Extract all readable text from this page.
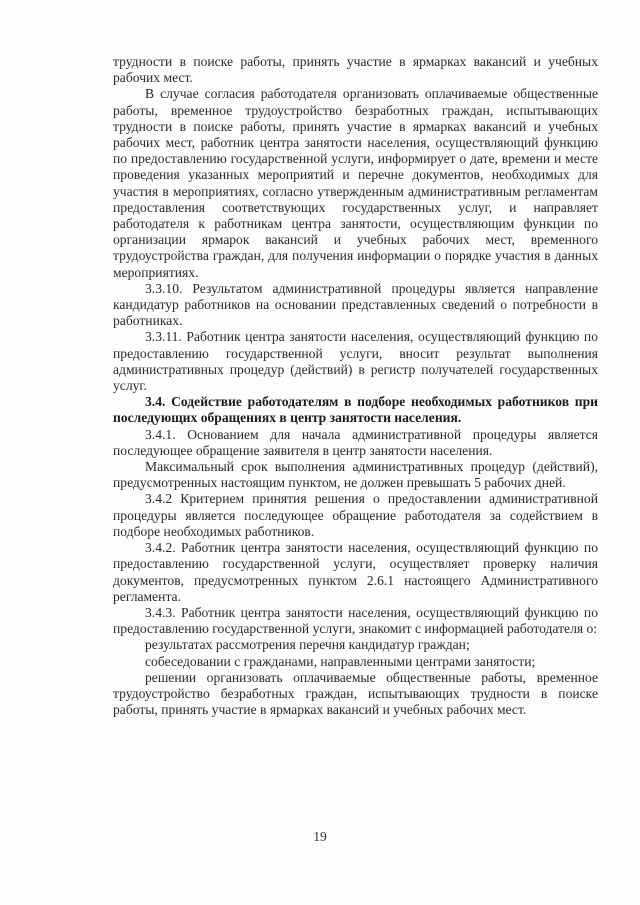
трудности в поиске работы, принять участие в ярмарках вакансий и учебных рабочих мест.

В случае согласия работодателя организовать оплачиваемые общественные работы, временное трудоустройство безработных граждан, испытывающих трудности в поиске работы, принять участие в ярмарках вакансий и учебных рабочих мест, работник центра занятости населения, осуществляющий функцию по предоставлению государственной услуги, информирует о дате, времени и месте проведения указанных мероприятий и перечне документов, необходимых для участия в мероприятиях, согласно утвержденным административным регламентам предоставления соответствующих государственных услуг, и направляет работодателя к работникам центра занятости, осуществляющим функции по организации ярмарок вакансий и учебных рабочих мест, временного трудоустройства граждан, для получения информации о порядке участия в данных мероприятиях.

3.3.10. Результатом административной процедуры является направление кандидатур работников на основании представленных сведений о потребности в работниках.

3.3.11. Работник центра занятости населения, осуществляющий функцию по предоставлению государственной услуги, вносит результат выполнения административных процедур (действий) в регистр получателей государственных услуг.

3.4. Содействие работодателям в подборе необходимых работников при последующих обращениях в центр занятости населения.

3.4.1. Основанием для начала административной процедуры является последующее обращение заявителя в центр занятости населения.

Максимальный срок выполнения административных процедур (действий), предусмотренных настоящим пунктом, не должен превышать 5 рабочих дней.

3.4.2 Критерием принятия решения о предоставлении административной процедуры является последующее обращение работодателя за содействием в подборе необходимых работников.

3.4.2. Работник центра занятости населения, осуществляющий функцию по предоставлению государственной услуги, осуществляет проверку наличия документов, предусмотренных пунктом 2.6.1 настоящего Административного регламента.

3.4.3. Работник центра занятости населения, осуществляющий функцию по предоставлению государственной услуги, знакомит с информацией работодателя о:

результатах рассмотрения перечня кандидатур граждан;

собеседовании с гражданами, направленными центрами занятости;

решении организовать оплачиваемые общественные работы, временное трудоустройство безработных граждан, испытывающих трудности в поиске работы, принять участие в ярмарках вакансий и учебных рабочих мест.

19
